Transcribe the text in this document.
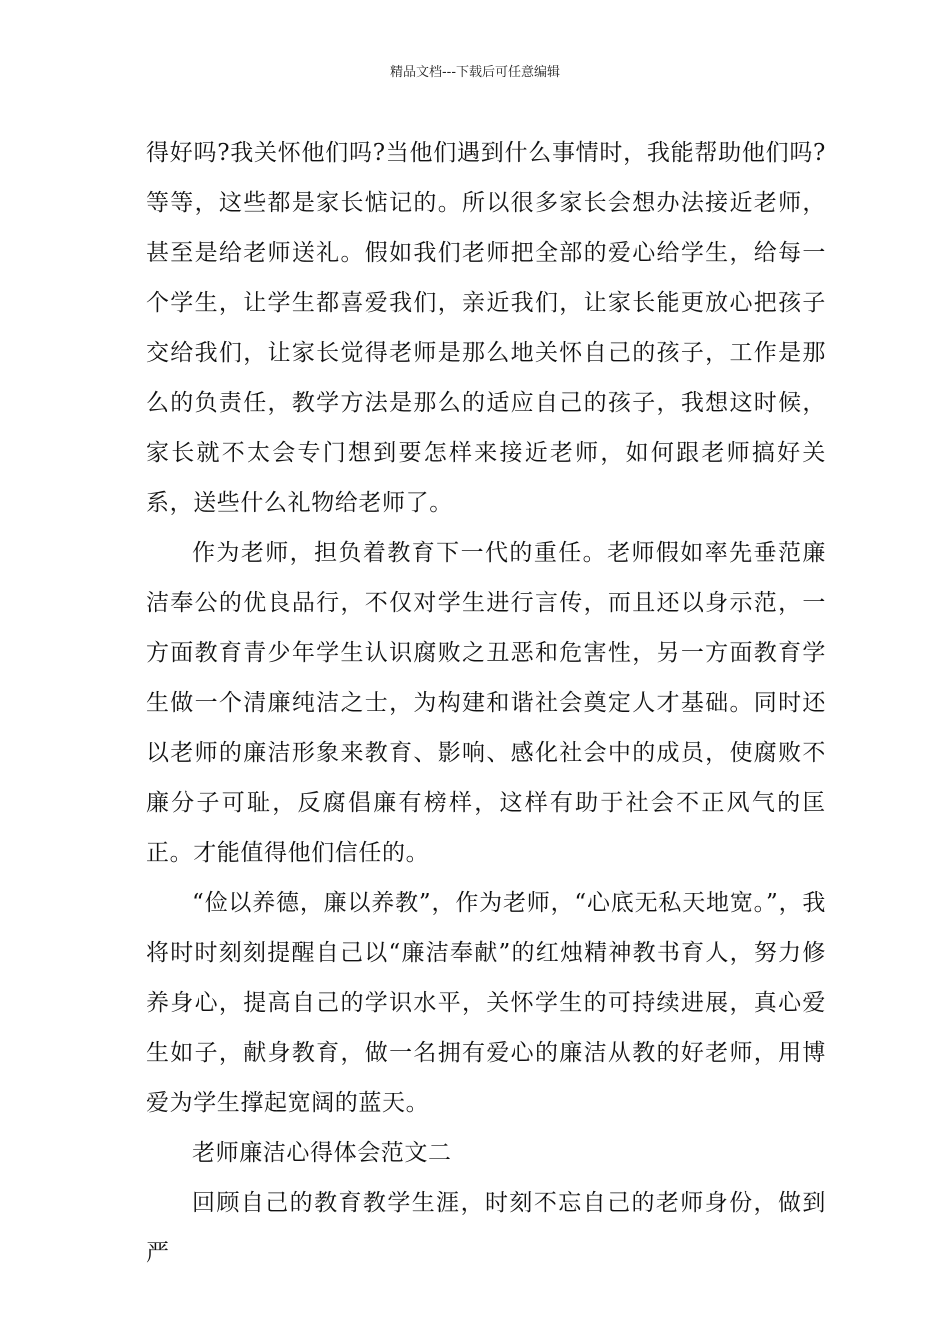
精品文档---下载后可任意编辑

得好吗?我关怀他们吗?当他们遇到什么事情时，我能帮助他们吗?等等，这些都是家长惦记的。所以很多家长会想办法接近老师，甚至是给老师送礼。假如我们老师把全部的爱心给学生，给每一个学生，让学生都喜爱我们，亲近我们，让家长能更放心把孩子交给我们，让家长觉得老师是那么地关怀自己的孩子，工作是那么的负责任，教学方法是那么的适应自己的孩子，我想这时候，家长就不太会专门想到要怎样来接近老师，如何跟老师搞好关系，送些什么礼物给老师了。

作为老师，担负着教育下一代的重任。老师假如率先垂范廉洁奉公的优良品行，不仅对学生进行言传，而且还以身示范，一方面教育青少年学生认识腐败之丑恶和危害性，另一方面教育学生做一个清廉纯洁之士，为构建和谐社会奠定人才基础。同时还以老师的廉洁形象来教育、影响、感化社会中的成员，使腐败不廉分子可耻，反腐倡廉有榜样，这样有助于社会不正风气的匡正。才能值得他们信任的。

“俭以养德，廉以养教”，作为老师，“心底无私天地宽。”，我将时时刻刻提醒自己以“廉洁奉献”的红烛精神教书育人，努力修养身心，提高自己的学识水平，关怀学生的可持续进展，真心爱生如子，献身教育，做一名拥有爱心的廉洁从教的好老师，用博爱为学生撑起宽阔的蓝天。

老师廉洁心得体会范文二

回顾自己的教育教学生涯，时刻不忘自己的老师身份，做到严
